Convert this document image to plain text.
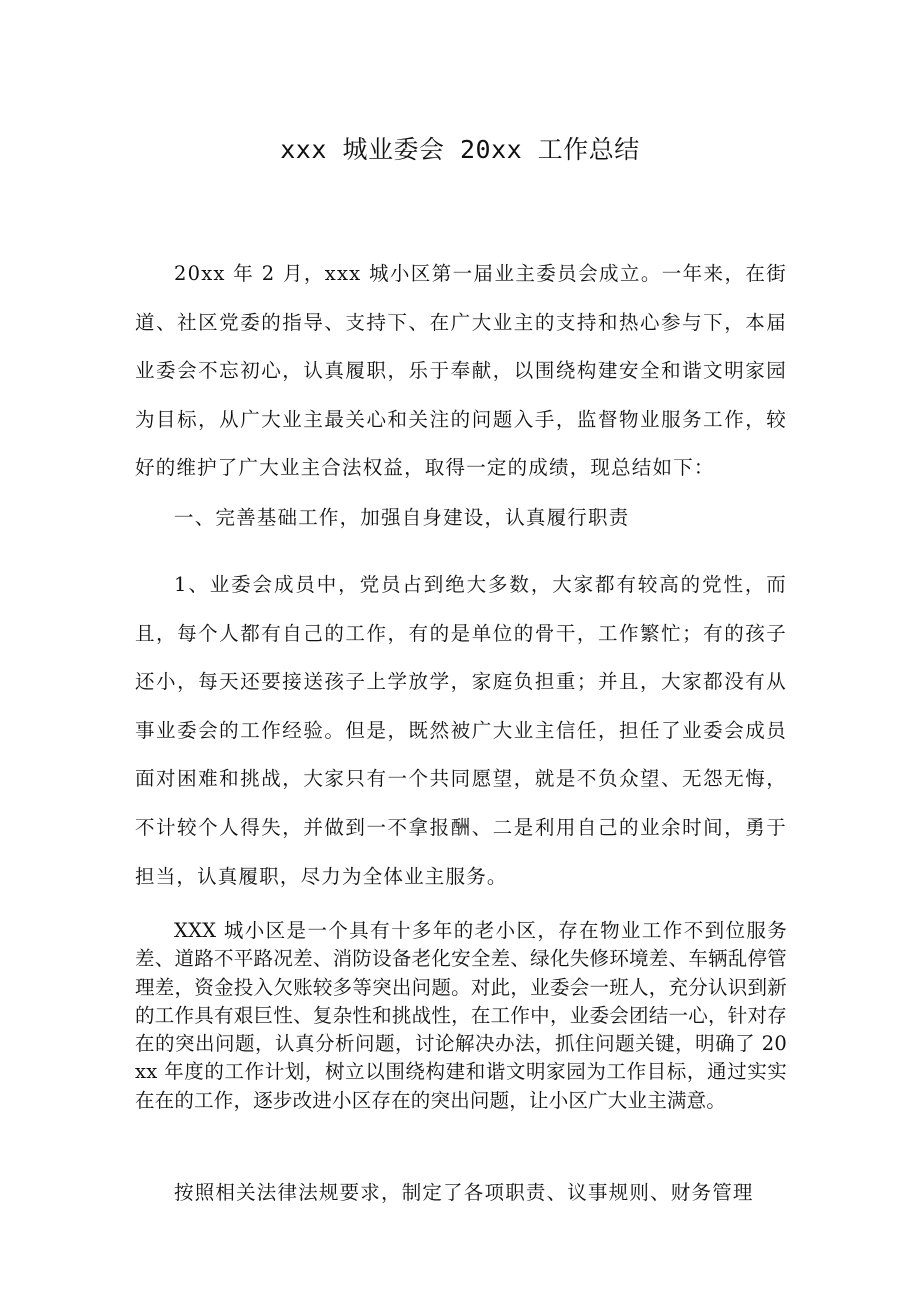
xxx 城业委会 20xx 工作总结

20xx 年 2 月，xxx 城小区第一届业主委员会成立。一年来，在街道、社区党委的指导、支持下、在广大业主的支持和热心参与下，本届业委会不忘初心，认真履职，乐于奉献，以围绕构建安全和谐文明家园为目标，从广大业主最关心和关注的问题入手，监督物业服务工作，较好的维护了广大业主合法权益，取得一定的成绩，现总结如下：

一、完善基础工作，加强自身建设，认真履行职责

1、业委会成员中，党员占到绝大多数，大家都有较高的党性，而且，每个人都有自己的工作，有的是单位的骨干，工作繁忙；有的孩子还小，每天还要接送孩子上学放学，家庭负担重；并且，大家都没有从事业委会的工作经验。但是，既然被广大业主信任，担任了业委会成员面对困难和挑战，大家只有一个共同愿望，就是不负众望、无怨无悔，不计较个人得失，并做到一不拿报酬、二是利用自己的业余时间，勇于担当，认真履职，尽力为全体业主服务。

XXX 城小区是一个具有十多年的老小区，存在物业工作不到位服务差、道路不平路况差、消防设备老化安全差、绿化失修环境差、车辆乱停管理差，资金投入欠账较多等突出问题。对此，业委会一班人，充分认识到新的工作具有艰巨性、复杂性和挑战性，在工作中，业委会团结一心，针对存在的突出问题，认真分析问题，讨论解决办法，抓住问题关键，明确了 20xx 年度的工作计划，树立以围绕构建和谐文明家园为工作目标，通过实实在在的工作，逐步改进小区存在的突出问题，让小区广大业主满意。

按照相关法律法规要求，制定了各项职责、议事规则、财务管理
